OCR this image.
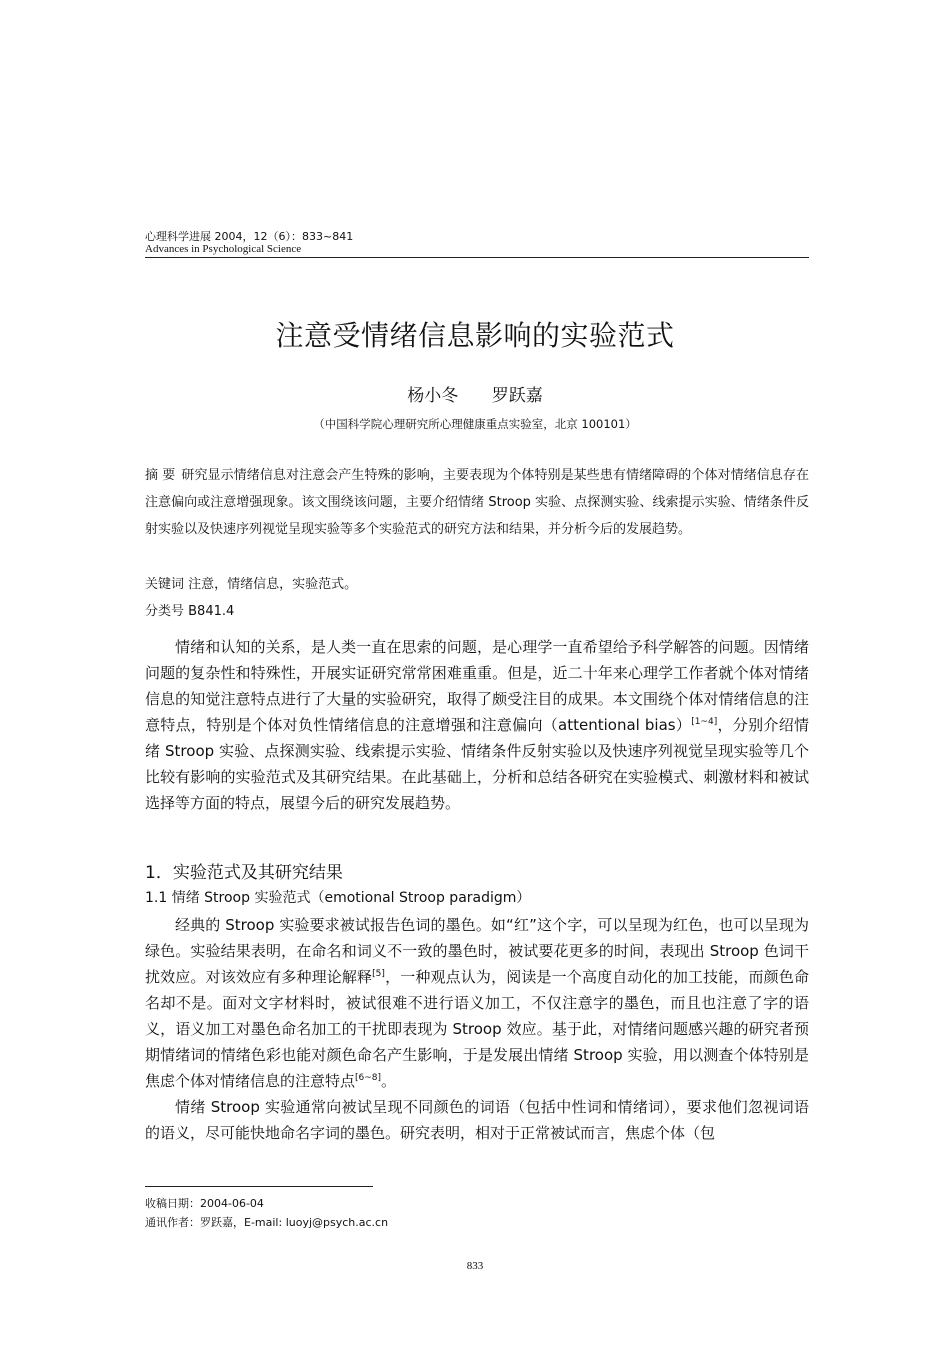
心理科学进展 2004，12（6）：833~841
Advances in Psychological Science
注意受情绪信息影响的实验范式
杨小冬 罗跃嘉
（中国科学院心理研究所心理健康重点实验室，北京 100101）
摘 要 研究显示情绪信息对注意会产生特殊的影响，主要表现为个体特别是某些患有情绪障碍的个体对情绪信息存在注意偏向或注意增强现象。该文围绕该问题，主要介绍情绪 Stroop 实验、点探测实验、线索提示实验、情绪条件反射实验以及快速序列视觉呈现实验等多个实验范式的研究方法和结果，并分析今后的发展趋势。
关键词 注意，情绪信息，实验范式。
分类号 B841.4

情绪和认知的关系，是人类一直在思索的问题，是心理学一直希望给予科学解答的问题。因情绪问题的复杂性和特殊性，开展实证研究常常困难重重。但是，近二十年来心理学工作者就个体对情绪信息的知觉注意特点进行了大量的实验研究，取得了颇受注目的成果。本文围绕个体对情绪信息的注意特点，特别是个体对负性情绪信息的注意增强和注意偏向（attentional bias）[1~4]，分别介绍情绪 Stroop 实验、点探测实验、线索提示实验、情绪条件反射实验以及快速序列视觉呈现实验等几个比较有影响的实验范式及其研究结果。在此基础上，分析和总结各研究在实验模式、刺激材料和被试选择等方面的特点，展望今后的研究发展趋势。

1．实验范式及其研究结果
1.1 情绪 Stroop 实验范式（emotional Stroop paradigm）

经典的 Stroop 实验要求被试报告色词的墨色。如“红”这个字，可以呈现为红色，也可以呈现为绿色。实验结果表明，在命名和词义不一致的墨色时，被试要花更多的时间，表现出 Stroop 色词干扰效应。对该效应有多种理论解释[5]，一种观点认为，阅读是一个高度自动化的加工技能，而颜色命名却不是。面对文字材料时，被试很难不进行语义加工，不仅注意字的墨色，而且也注意了字的语义，语义加工对墨色命名加工的干扰即表现为 Stroop 效应。基于此，对情绪问题感兴趣的研究者预期情绪词的情绪色彩也能对颜色命名产生影响，于是发展出情绪 Stroop 实验，用以测查个体特别是焦虑个体对情绪信息的注意特点[6~8]。

情绪 Stroop 实验通常向被试呈现不同颜色的词语（包括中性词和情绪词），要求他们忽视词语的语义，尽可能快地命名字词的墨色。研究表明，相对于正常被试而言，焦虑个体（包

收稿日期：2004-06-04
通讯作者：罗跃嘉，E-mail: luoyj@psych.ac.cn
833
